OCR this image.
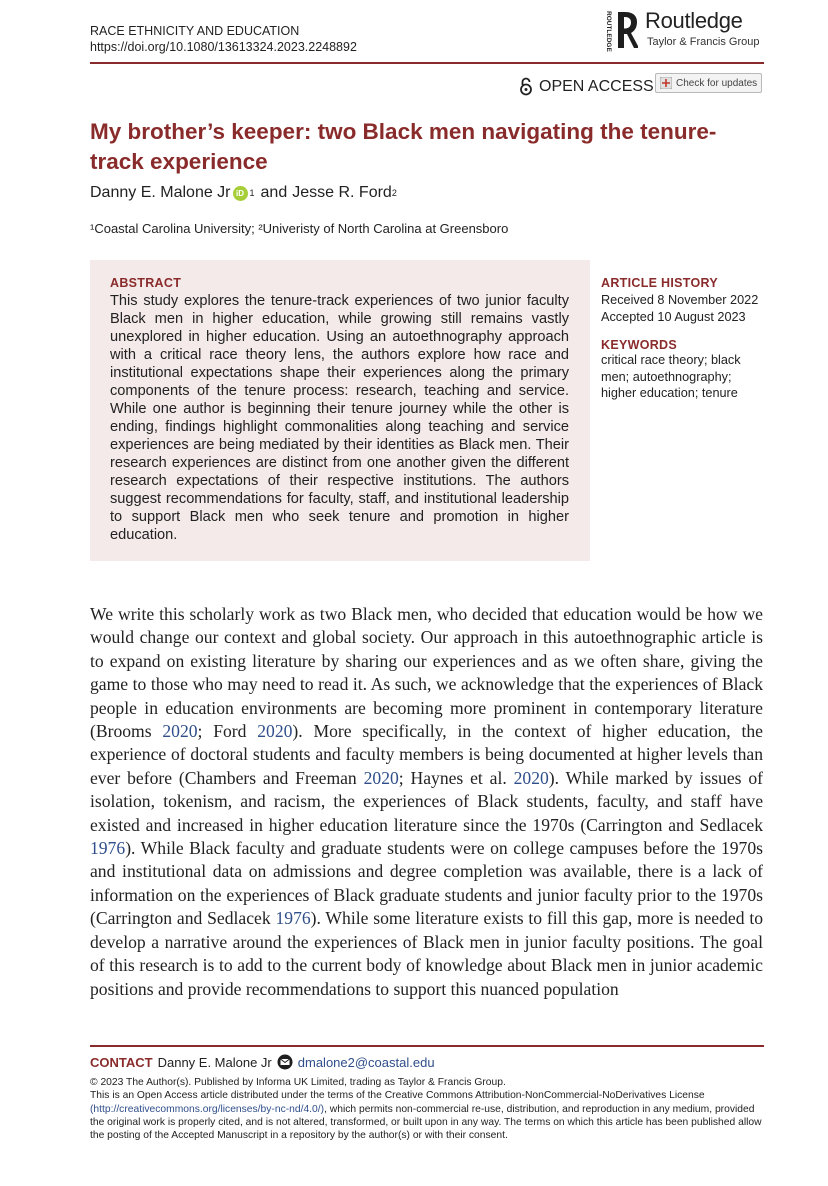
RACE ETHNICITY AND EDUCATION
https://doi.org/10.1080/13613324.2023.2248892	ROUTLEDGE Routledge
Taylor & Francis Group
OPEN ACCESS Check for updates
My brother’s keeper: two Black men navigating the tenure-track experience
Danny E. Malone Jr iD 1 and Jesse R. Ford 2
¹Coastal Carolina University; ²Univeristy of North Carolina at Greensboro
ABSTRACT
This study explores the tenure-track experiences of two junior faculty Black men in higher education, while growing still remains vastly unexplored in higher education. Using an autoethnography approach with a critical race theory lens, the authors explore how race and institutional expectations shape their experiences along the primary components of the tenure process: research, teaching and service. While one author is beginning their tenure journey while the other is ending, findings highlight commonalities along teaching and service experiences are being mediated by their identities as Black men. Their research experiences are distinct from one another given the different research expectations of their respective institutions. The authors suggest recommendations for faculty, staff, and institutional leadership to support Black men who seek tenure and promotion in higher education.
ARTICLE HISTORY
Received 8 November 2022
Accepted 10 August 2023
KEYWORDS
critical race theory; black men; autoethnography; higher education; tenure
We write this scholarly work as two Black men, who decided that education would be how we would change our context and global society. Our approach in this autoethnographic article is to expand on existing literature by sharing our experiences and as we often share, giving the game to those who may need to read it. As such, we acknowledge that the experiences of Black people in education environments are becoming more prominent in contemporary literature (Brooms 2020; Ford 2020). More specifically, in the context of higher education, the experience of doctoral students and faculty members is being documented at higher levels than ever before (Chambers and Freeman 2020; Haynes et al. 2020). While marked by issues of isolation, tokenism, and racism, the experiences of Black students, faculty, and staff have existed and increased in higher education literature since the 1970s (Carrington and Sedlacek 1976). While Black faculty and graduate students were on college campuses before the 1970s and institutional data on admissions and degree completion was available, there is a lack of information on the experiences of Black graduate students and junior faculty prior to the 1970s (Carrington and Sedlacek 1976). While some literature exists to fill this gap, more is needed to develop a narrative around the experiences of Black men in junior faculty positions. The goal of this research is to add to the current body of knowledge about Black men in junior academic positions and provide recommendations to support this nuanced population
CONTACT Danny E. Malone Jr dmalone2@coastal.edu
© 2023 The Author(s). Published by Informa UK Limited, trading as Taylor & Francis Group.
This is an Open Access article distributed under the terms of the Creative Commons Attribution-NonCommercial-NoDerivatives License (http://creativecommons.org/licenses/by-nc-nd/4.0/), which permits non-commercial re-use, distribution, and reproduction in any medium, provided the original work is properly cited, and is not altered, transformed, or built upon in any way. The terms on which this article has been published allow the posting of the Accepted Manuscript in a repository by the author(s) or with their consent.
